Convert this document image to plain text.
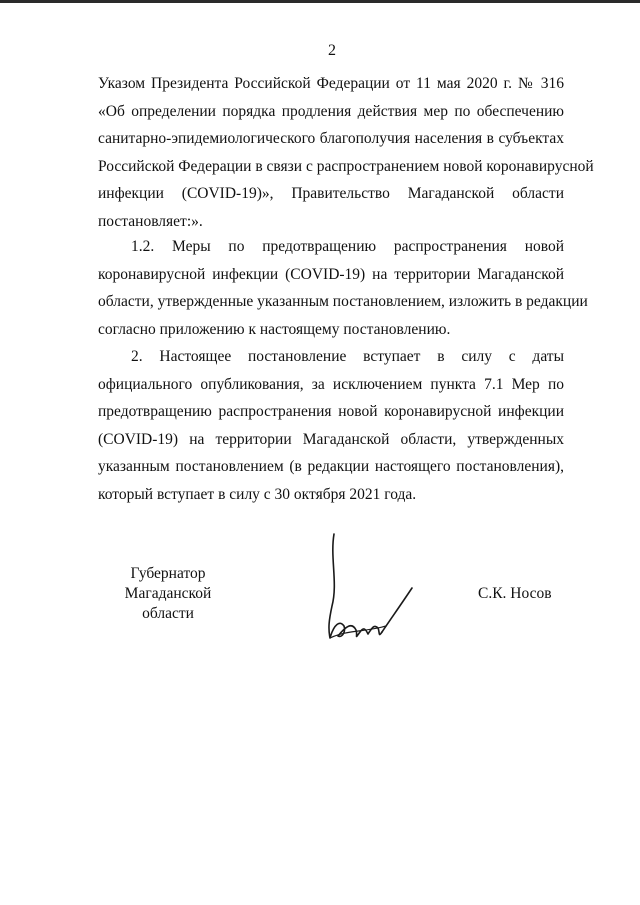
2
Указом Президента Российской Федерации от 11 мая 2020 г. № 316
«Об определении порядка продления действия мер по обеспечению
санитарно-эпидемиологического благополучия населения в субъектах
Российской Федерации в связи с распространением новой коронавирусной
инфекции (COVID-19)», Правительство Магаданской области
постановляет:».
1.2. Меры по предотвращению распространения новой
коронавирусной инфекции (COVID-19) на территории Магаданской
области, утвержденные указанным постановлением, изложить в редакции
согласно приложению к настоящему постановлению.
2. Настоящее постановление вступает в силу с даты
официального опубликования, за исключением пункта 7.1 Мер по
предотвращению распространения новой коронавирусной инфекции
(COVID-19) на территории Магаданской области, утвержденных
указанным постановлением (в редакции настоящего постановления),
который вступает в силу с 30 октября 2021 года.
Губернатор
Магаданской области
С.К. Носов
